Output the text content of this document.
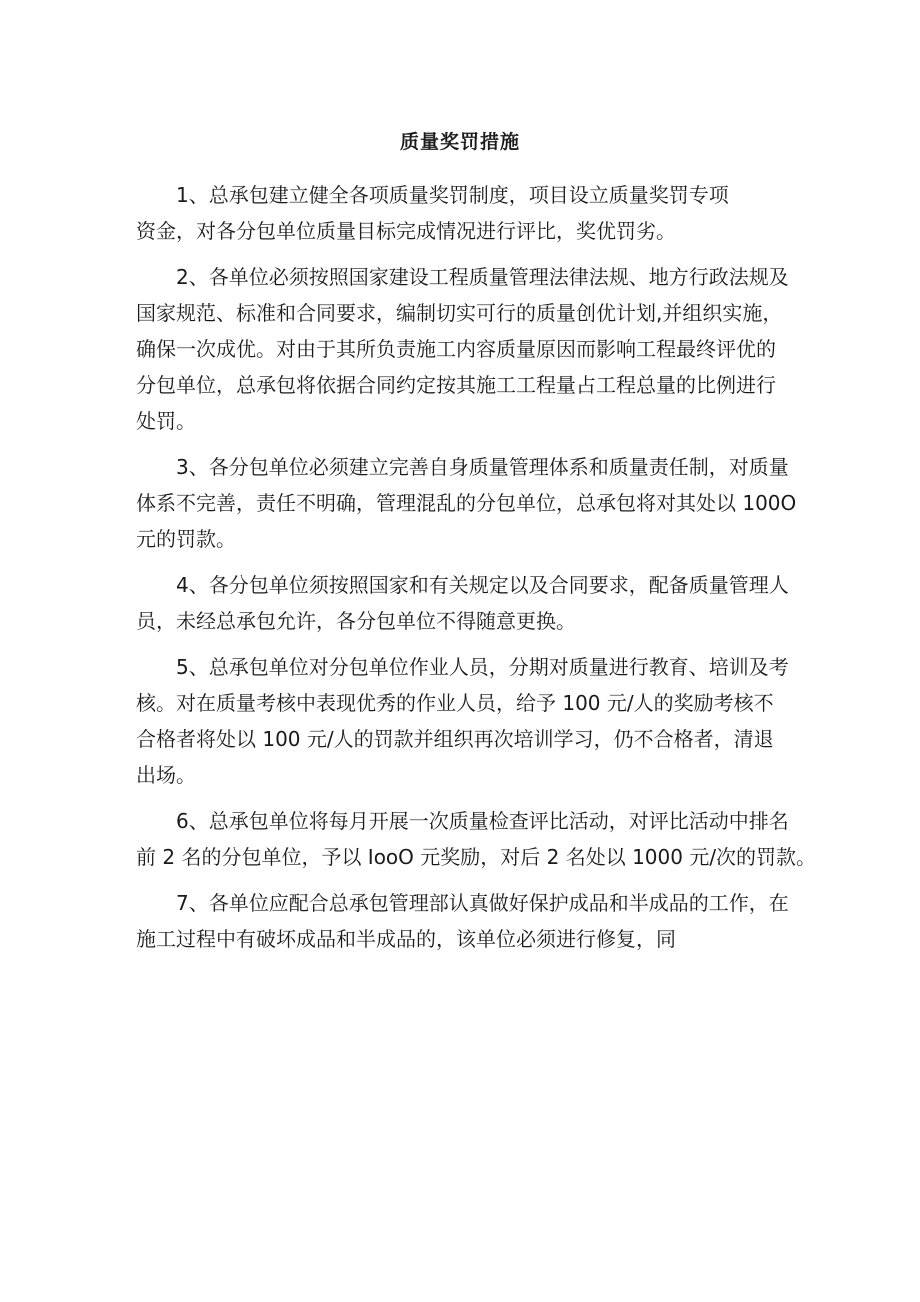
质量奖罚措施
1、总承包建立健全各项质量奖罚制度，项目设立质量奖罚专项
资金，对各分包单位质量目标完成情况进行评比，奖优罚劣。
2、各单位必须按照国家建设工程质量管理法律法规、地方行政法规及
国家规范、标准和合同要求，编制切实可行的质量创优计划,并组织实施，
确保一次成优。对由于其所负责施工内容质量原因而影响工程最终评优的
分包单位，总承包将依据合同约定按其施工工程量占工程总量的比例进行
处罚。
3、各分包单位必须建立完善自身质量管理体系和质量责任制，对质量
体系不完善，责任不明确，管理混乱的分包单位，总承包将对其处以 100O
元的罚款。
4、各分包单位须按照国家和有关规定以及合同要求，配备质量管理人
员，未经总承包允许，各分包单位不得随意更换。
5、总承包单位对分包单位作业人员，分期对质量进行教育、培训及考
核。对在质量考核中表现优秀的作业人员，给予 100 元/人的奖励考核不
合格者将处以 100 元/人的罚款并组织再次培训学习，仍不合格者，清退
出场。
6、总承包单位将每月开展一次质量检查评比活动，对评比活动中排名
前 2 名的分包单位，予以 IooO 元奖励，对后 2 名处以 1000 元/次的罚款。
7、各单位应配合总承包管理部认真做好保护成品和半成品的工作，在
施工过程中有破坏成品和半成品的，该单位必须进行修复，同
